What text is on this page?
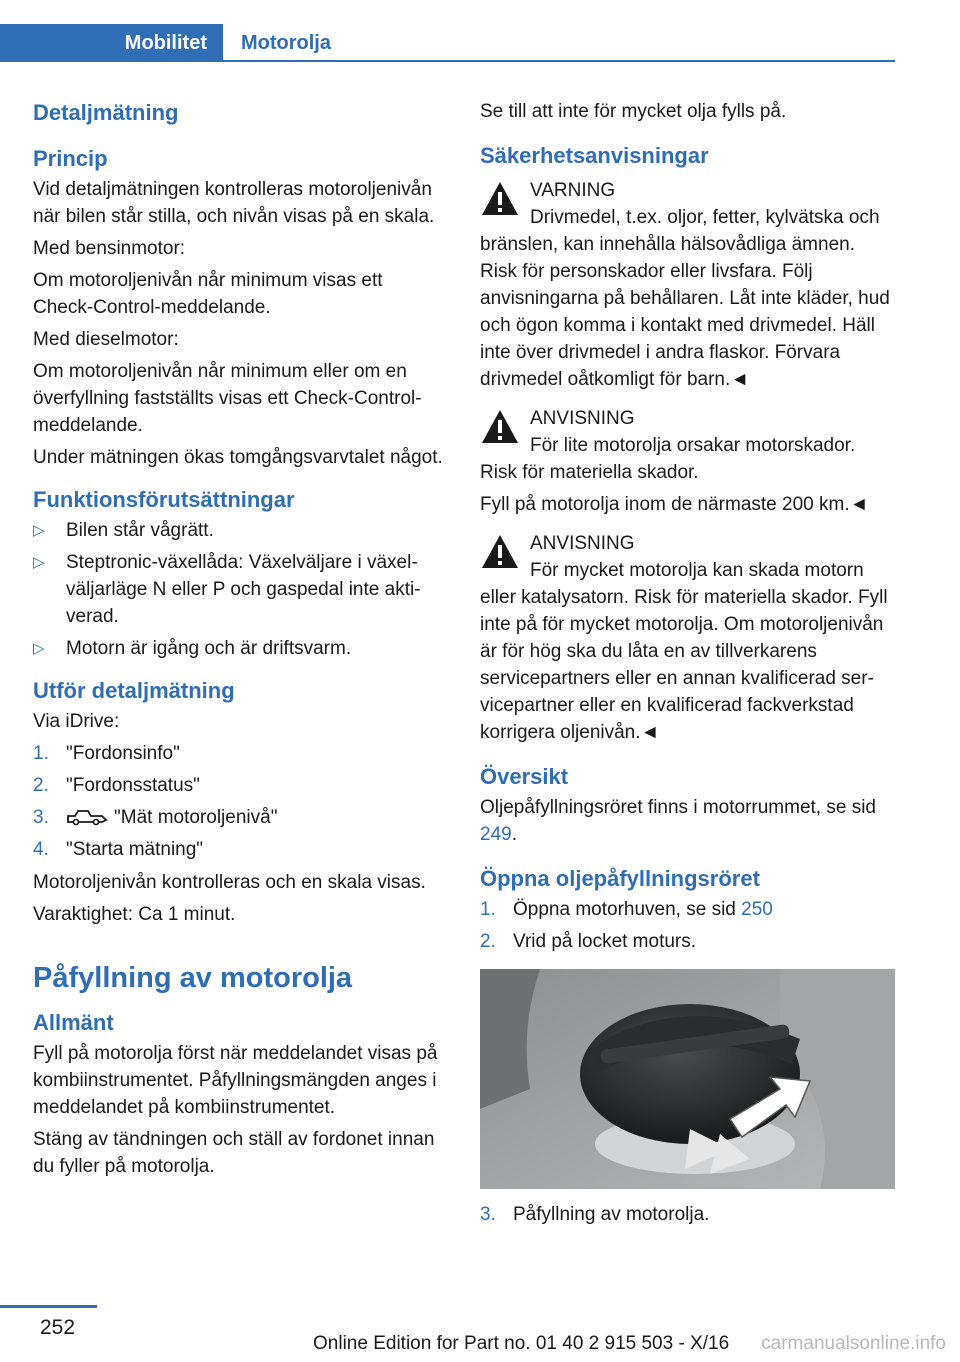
Mobilitet	Motorolja
Detaljmätning
Princip

Vid detaljmätningen kontrolleras motoroljenivån när bilen står stilla, och nivån visas på en skala.

Med bensinmotor:

Om motoroljenivån når minimum visas ett Check-Control-meddelande.

Med dieselmotor:

Om motoroljenivån når minimum eller om en överfyllning fastställts visas ett Check-Control-meddelande.

Under mätningen ökas tomgångsvarvtalet något.

Funktionsförutsättningar
▷ Bilen står vågrätt.
▷ Steptronic-växellåda: Växelväljare i växelväljarläge N eller P och gaspedal inte aktiverad.
▷ Motorn är igång och är driftsvarm.
Utför detaljmätning

Via iDrive:

1. "Fordonsinfo"
2. "Fordonsstatus"
3.	"Mät motoroljenivå"
4. "Starta mätning"

Motoroljenivån kontrolleras och en skala visas.

Varaktighet: Ca 1 minut.

Påfyllning av motorolja
Allmänt

Fyll på motorolja först när meddelandet visas på kombiinstrumentet. Påfyllningsmängden anges i meddelandet på kombiinstrumentet.

Stäng av tändningen och ställ av fordonet innan du fyller på motorolja.

Se till att inte för mycket olja fylls på.

Säkerhetsanvisningar
VARNING

Drivmedel, t.ex. oljor, fetter, kylvätska och bränslen, kan innehålla hälsovådliga ämnen. Risk för personskador eller livsfara. Följ anvisningarna på behållaren. Låt inte kläder, hud och ögon komma i kontakt med drivmedel. Häll inte över drivmedel i andra flaskor. Förvara drivmedel oåtkomligt för barn.◄

ANVISNING

För lite motorolja orsakar motorskador. Risk för materiella skador.

Fyll på motorolja inom de närmaste 200 km.◄

ANVISNING

För mycket motorolja kan skada motorn eller katalysatorn. Risk för materiella skador. Fyll inte på för mycket motorolja. Om motoroljenivån är för hög ska du låta en av tillverkarens servicepartners eller en annan kvalificerad servicepartner eller en kvalificerad fackverkstad korrigera oljenivån.◄

Översikt

Oljepåfyllningsröret finns i motorrummet, se sid 249.

Öppna oljepåfyllningsröret
1. Öppna motorhuven, se sid 250
2. Vrid på locket moturs.
3. Påfyllning av motorolja.
252
Online Edition for Part no. 01 40 2 915 503 - X/16 carmanualsonline.info
